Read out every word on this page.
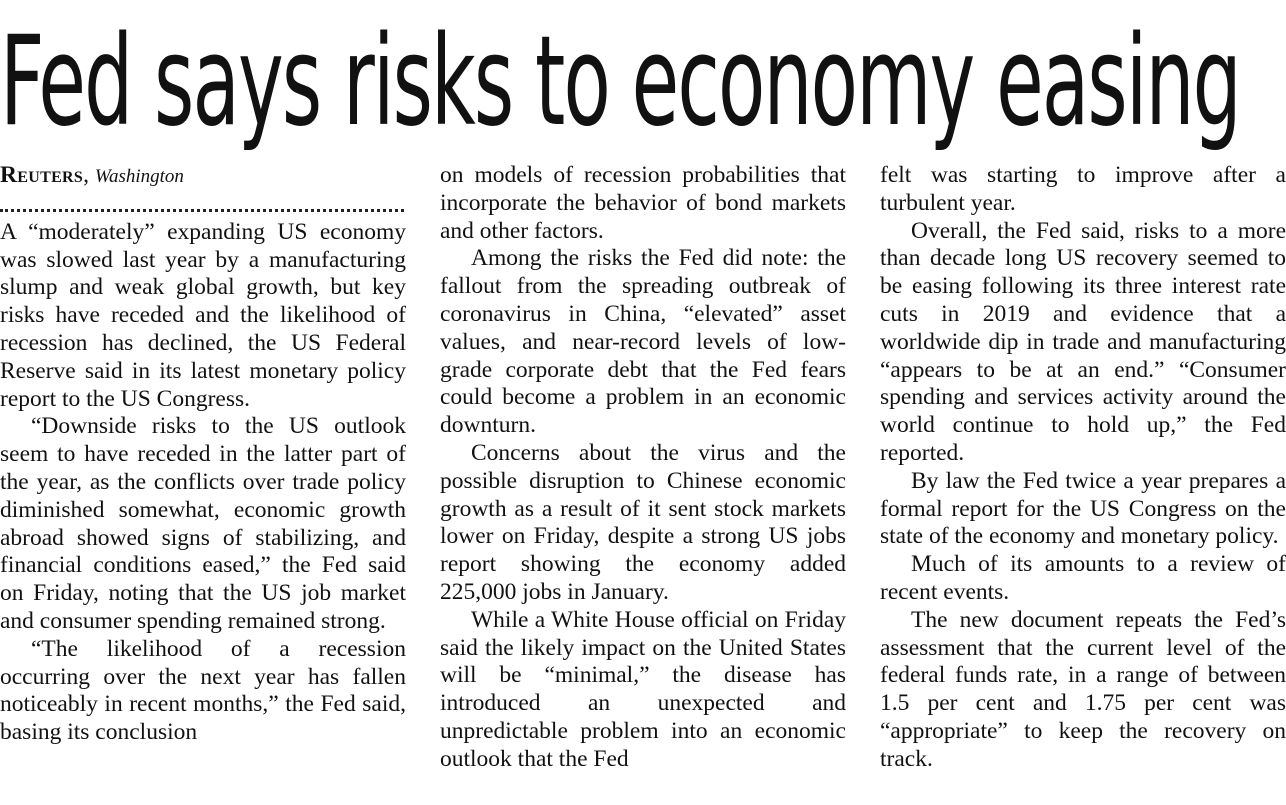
Fed says risks to economy easing
Reuters, Washington

A “moderately” expanding US economy was slowed last year by a manufacturing slump and weak global growth, but key risks have receded and the likelihood of recession has declined, the US Federal Reserve said in its latest monetary policy report to the US Congress.

“Downside risks to the US outlook seem to have receded in the latter part of the year, as the conflicts over trade policy diminished somewhat, economic growth abroad showed signs of stabilizing, and financial conditions eased,” the Fed said on Friday, noting that the US job market and consumer spending remained strong.

“The likelihood of a recession occurring over the next year has fallen noticeably in recent months,” the Fed said, basing its conclusion

on models of recession probabilities that incorporate the behavior of bond markets and other factors.

Among the risks the Fed did note: the fallout from the spreading outbreak of coronavirus in China, “elevated” asset values, and near-record levels of low-grade corporate debt that the Fed fears could become a problem in an economic downturn.

Concerns about the virus and the possible disruption to Chinese economic growth as a result of it sent stock markets lower on Friday, despite a strong US jobs report showing the economy added 225,000 jobs in January.

While a White House official on Friday said the likely impact on the United States will be “minimal,” the disease has introduced an unexpected and unpredictable problem into an economic outlook that the Fed

felt was starting to improve after a turbulent year.

Overall, the Fed said, risks to a more than decade long US recovery seemed to be easing following its three interest rate cuts in 2019 and evidence that a worldwide dip in trade and manufacturing “appears to be at an end.” “Consumer spending and services activity around the world continue to hold up,” the Fed reported.

By law the Fed twice a year prepares a formal report for the US Congress on the state of the economy and monetary policy.

Much of its amounts to a review of recent events.

The new document repeats the Fed’s assessment that the current level of the federal funds rate, in a range of between 1.5 per cent and 1.75 per cent was “appropriate” to keep the recovery on track.
